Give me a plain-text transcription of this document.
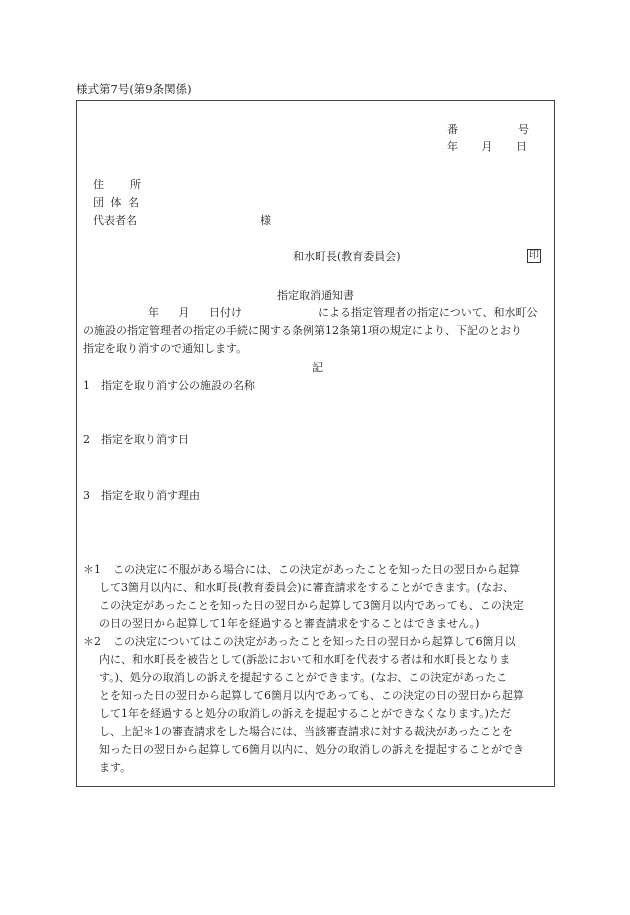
様式第7号(第9条関係)
番	号
年 月 日
住 所
団 体 名
代表者名	様
和水町長(教育委員会)	印
指定取消通知書
年 月 日付け	による指定管理者の指定について、和水町公
の施設の指定管理者の指定の手続に関する条例第12条第1項の規定により、下記のとおり
指定を取り消すので通知します。
記
1 指定を取り消す公の施設の名称
2 指定を取り消す日
3 指定を取り消す理由
＊1 この決定に不服がある場合には、この決定があったことを知った日の翌日から起算
して3箇月以内に、和水町長(教育委員会)に審査請求をすることができます。(なお、
この決定があったことを知った日の翌日から起算して3箇月以内であっても、この決定
の日の翌日から起算して1年を経過すると審査請求をすることはできません。)
＊2 この決定についてはこの決定があったことを知った日の翌日から起算して6箇月以
内に、和水町長を被告として(訴訟において和水町を代表する者は和水町長となりま
す。)、処分の取消しの訴えを提起することができます。(なお、この決定があったこ
とを知った日の翌日から起算して6箇月以内であっても、この決定の日の翌日から起算
して1年を経過すると処分の取消しの訴えを提起することができなくなります。)ただ
し、上記＊1の審査請求をした場合には、当該審査請求に対する裁決があったことを
知った日の翌日から起算して6箇月以内に、処分の取消しの訴えを提起することができ
ます。
